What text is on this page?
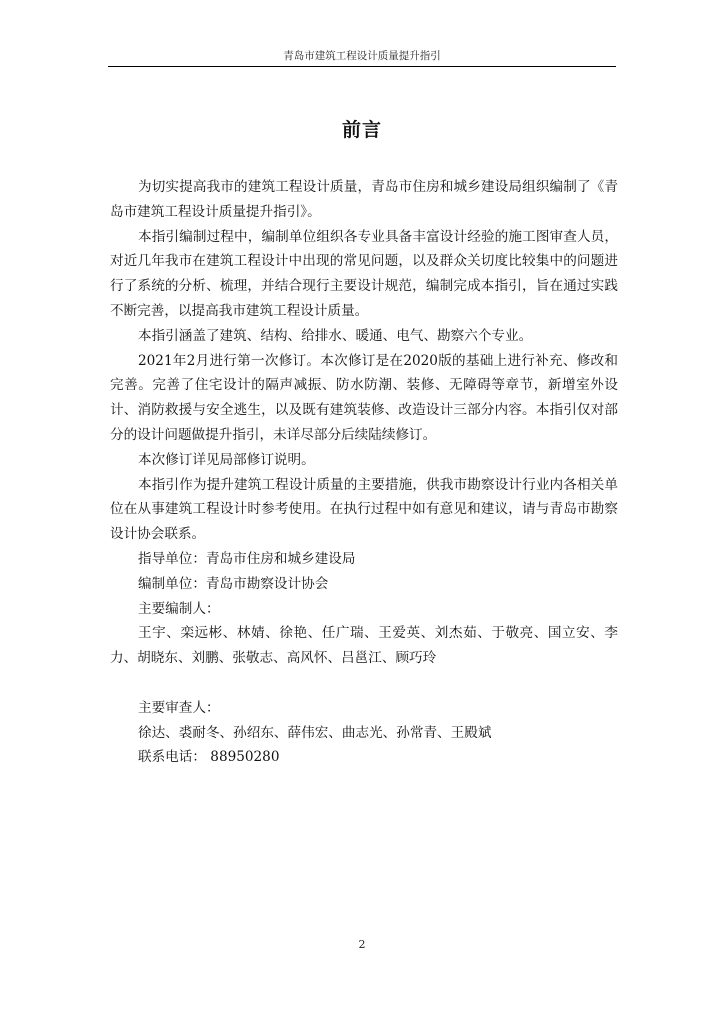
青岛市建筑工程设计质量提升指引
前言

为切实提高我市的建筑工程设计质量，青岛市住房和城乡建设局组织编制了《青岛市建筑工程设计质量提升指引》。

本指引编制过程中，编制单位组织各专业具备丰富设计经验的施工图审查人员，对近几年我市在建筑工程设计中出现的常见问题，以及群众关切度比较集中的问题进行了系统的分析、梳理，并结合现行主要设计规范，编制完成本指引，旨在通过实践不断完善，以提高我市建筑工程设计质量。

本指引涵盖了建筑、结构、给排水、暖通、电气、勘察六个专业。

2021年2月进行第一次修订。本次修订是在2020版的基础上进行补充、修改和完善。完善了住宅设计的隔声减振、防水防潮、装修、无障碍等章节，新增室外设计、消防救援与安全逃生，以及既有建筑装修、改造设计三部分内容。本指引仅对部分的设计问题做提升指引，未详尽部分后续陆续修订。

本次修订详见局部修订说明。

本指引作为提升建筑工程设计质量的主要措施，供我市勘察设计行业内各相关单位在从事建筑工程设计时参考使用。在执行过程中如有意见和建议，请与青岛市勘察设计协会联系。

指导单位：青岛市住房和城乡建设局
编制单位：青岛市勘察设计协会
主要编制人：

王宇、栾远彬、林婧、徐艳、任广瑞、王爱英、刘杰茹、于敬亮、国立安、李力、胡晓东、刘鹏、张敬志、高风怀、吕邕江、顾巧玲

主要审查人：

徐达、裘耐冬、孙绍东、薛伟宏、曲志光、孙常青、王殿斌

联系电话： 88950280
2
